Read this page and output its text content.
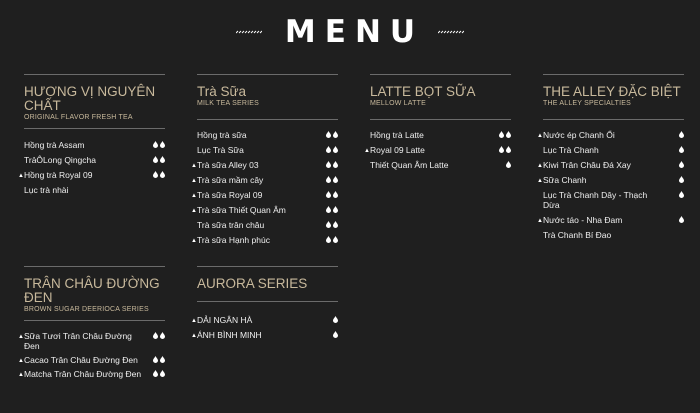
MENU
HƯƠNG VỊ NGUYÊN
CHẤT
ORIGINAL FLAVOR FRESH TEA
Hồng trà Assam
TrảÔLong Qingcha
▲ Hồng trà Royal 09
Lục trà nhài
Trà Sữa
MILK TEA SERIES
Hồng trà sữa
Lục Trà Sữa
▲ Trà sữa Alley 03
▲ Trà sữa mầm cây
▲ Trà sữa Royal 09
▲ Trà sữa Thiết Quan Âm
Trà sữa trân châu
▲ Trà sữa Hạnh phúc
LATTE BỌT SỮA
MELLOW LATTE
Hồng trà Latte
▲ Royal 09 Latte
Thiết Quan Âm Latte
THE ALLEY ĐẶC BIỆT
THE ALLEY SPECIALTIES
▲ Nước ép Chanh Ổi
Lục Trà Chanh
▲ Kiwi Trân Châu Đá Xay
▲ Sữa Chanh
Lục Trà Chanh Dây - Thạch Dừa
▲ Nước táo - Nha Đam
Trà Chanh Bí Đao
TRÂN CHÂU ĐƯỜNG
ĐEN
BROWN SUGAR DEERIOCA SERIES
▲ Sữa Tươi Trân Châu Đường Đen
▲ Cacao Trân Châu Đường Đen
▲ Matcha Trân Châu Đường Đen
AURORA SERIES
▲ DẢI NGÂN HÀ
▲ ÁNH BÌNH MINH
